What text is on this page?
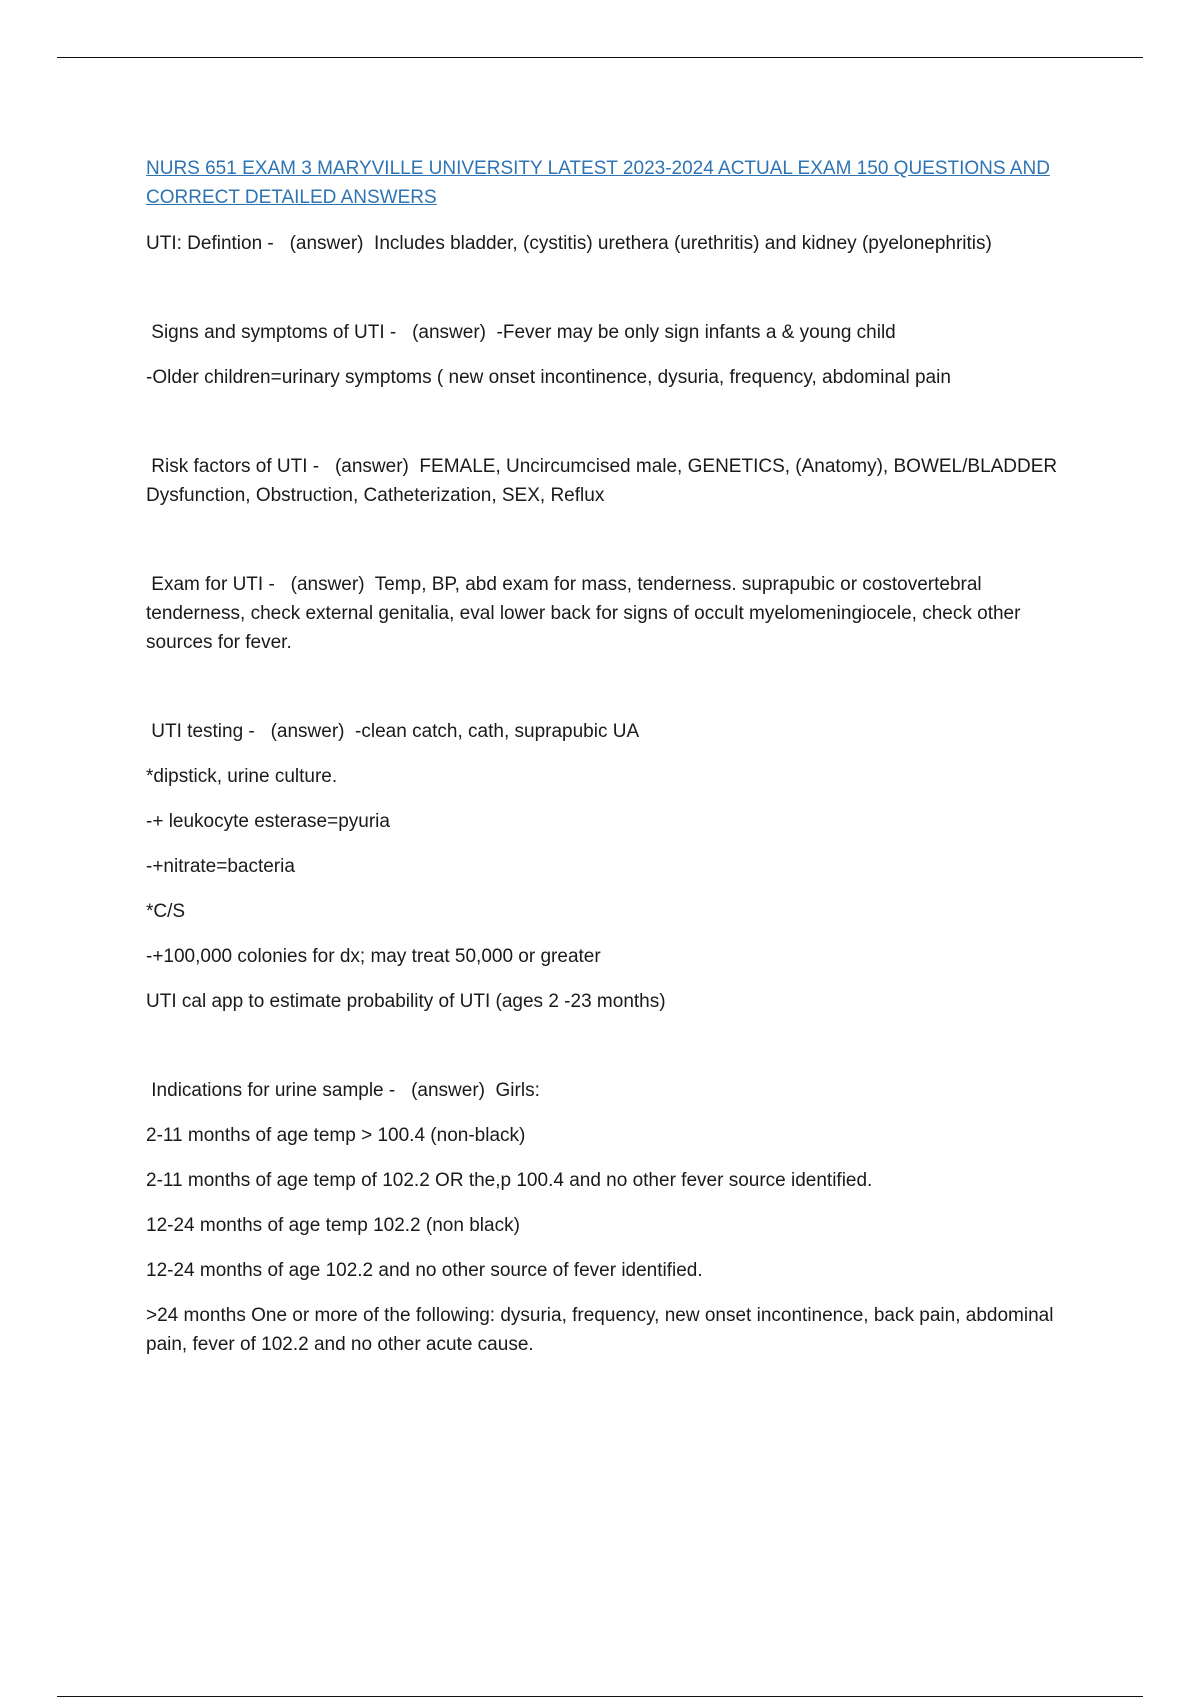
NURS 651 EXAM 3 MARYVILLE UNIVERSITY LATEST 2023-2024 ACTUAL EXAM 150 QUESTIONS AND CORRECT DETAILED ANSWERS
UTI: Defintion -   (answer)  Includes bladder, (cystitis) urethera (urethritis) and kidney (pyelonephritis)
Signs and symptoms of UTI -   (answer)  -Fever may be only sign infants a & young child
-Older children=urinary symptoms ( new onset incontinence, dysuria, frequency, abdominal pain
Risk factors of UTI -   (answer)  FEMALE, Uncircumcised male, GENETICS, (Anatomy), BOWEL/BLADDER Dysfunction, Obstruction, Catheterization, SEX, Reflux
Exam for UTI -   (answer)  Temp, BP, abd exam for mass, tenderness. suprapubic or costovertebral tenderness, check external genitalia, eval lower back for signs of occult myelomeningiocele, check other sources for fever.
UTI testing -   (answer)  -clean catch, cath, suprapubic UA
*dipstick, urine culture.
-+ leukocyte esterase=pyuria
-+nitrate=bacteria
*C/S
-+100,000 colonies for dx; may treat 50,000 or greater
UTI cal app to estimate probability of UTI (ages 2 -23 months)
Indications for urine sample -   (answer)  Girls:
2-11 months of age temp > 100.4 (non-black)
2-11 months of age temp of 102.2 OR the,p 100.4 and no other fever source identified.
12-24 months of age temp 102.2 (non black)
12-24 months of age 102.2 and no other source of fever identified.
>24 months One or more of the following: dysuria, frequency, new onset incontinence, back pain, abdominal pain, fever of 102.2 and no other acute cause.
